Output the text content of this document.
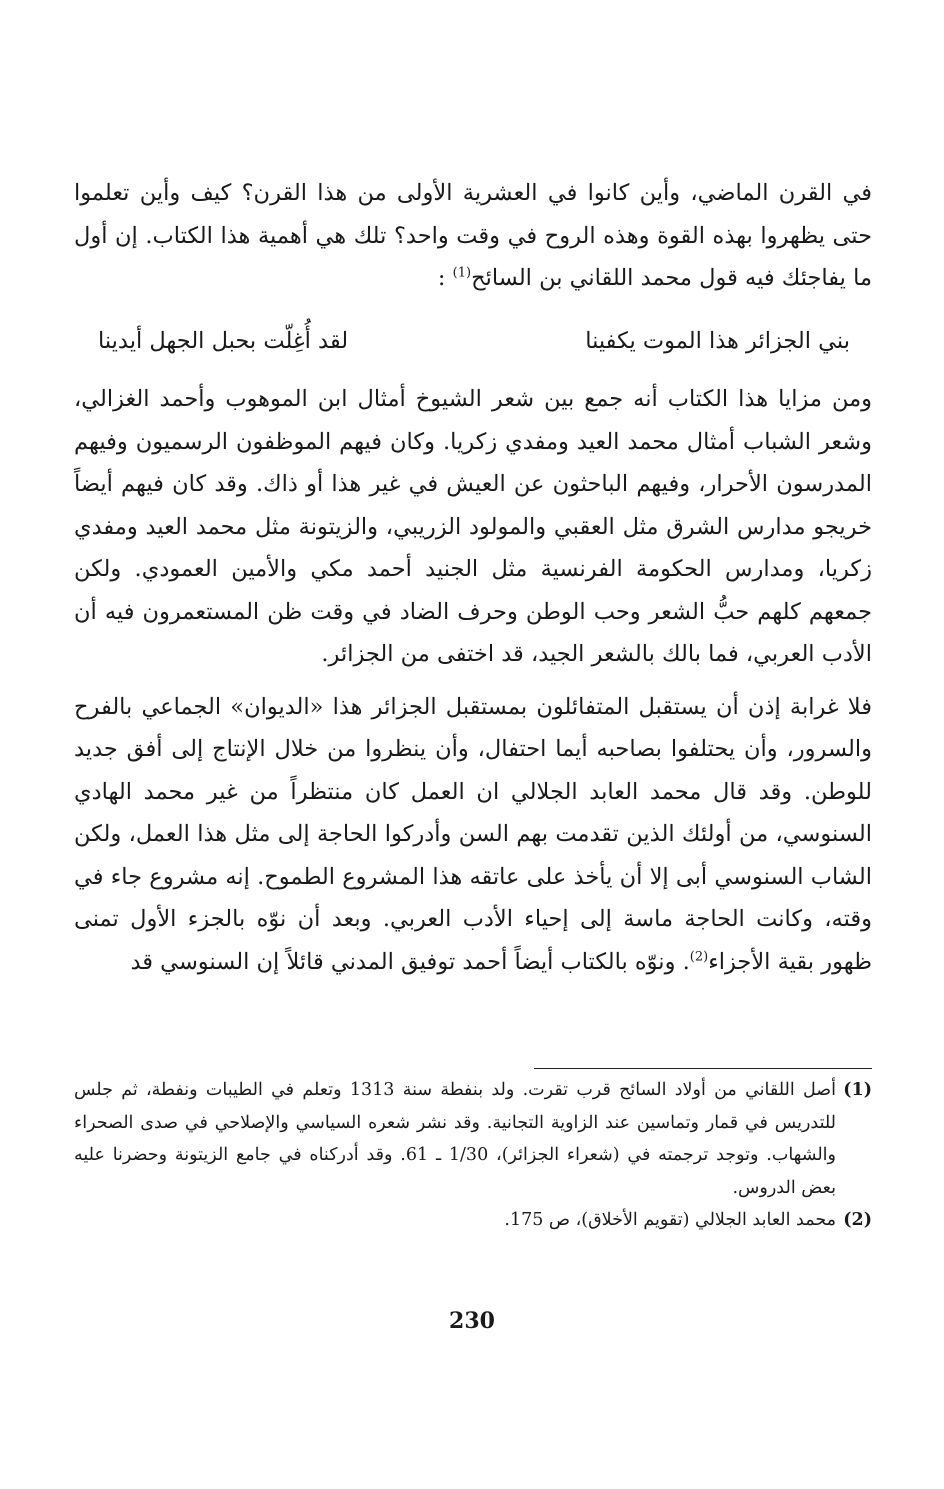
في القرن الماضي، وأين كانوا في العشرية الأولى من هذا القرن؟ كيف وأين تعلموا حتى يظهروا بهذه القوة وهذه الروح في وقت واحد؟ تلك هي أهمية هذا الكتاب. إن أول ما يفاجئك فيه قول محمد اللقاني بن السائح$^{(1)}$ :

بني الجزائر هذا الموت يكفينا
لقد أُغِلّت بحبل الجهل أيدينا

ومن مزايا هذا الكتاب أنه جمع بين شعر الشيوخ أمثال ابن الموهوب وأحمد الغزالي، وشعر الشباب أمثال محمد العيد ومفدي زكريا. وكان فيهم الموظفون الرسميون وفيهم المدرسون الأحرار، وفيهم الباحثون عن العيش في غير هذا أو ذاك. وقد كان فيهم أيضاً خريجو مدارس الشرق مثل العقبي والمولود الزريبي، والزيتونة مثل محمد العيد ومفدي زكريا، ومدارس الحكومة الفرنسية مثل الجنيد أحمد مكي والأمين العمودي. ولكن جمعهم كلهم حبُّ الشعر وحب الوطن وحرف الضاد في وقت ظن المستعمرون فيه أن الأدب العربي، فما بالك بالشعر الجيد، قد اختفى من الجزائر.

فلا غرابة إذن أن يستقبل المتفائلون بمستقبل الجزائر هذا «الديوان» الجماعي بالفرح والسرور، وأن يحتلفوا بصاحبه أيما احتفال، وأن ينظروا من خلال الإنتاج إلى أفق جديد للوطن. وقد قال محمد العابد الجلالي ان العمل كان منتظراً من غير محمد الهادي السنوسي، من أولئك الذين تقدمت بهم السن وأدركوا الحاجة إلى مثل هذا العمل، ولكن الشاب السنوسي أبى إلا أن يأخذ على عاتقه هذا المشروع الطموح. إنه مشروع جاء في وقته، وكانت الحاجة ماسة إلى إحياء الأدب العربي. وبعد أن نوّه بالجزء الأول تمنى ظهور بقية الأجزاء$^{(2)}$. ونوّه بالكتاب أيضاً أحمد توفيق المدني قائلاً إن السنوسي قد

(1)
أصل اللقاني من أولاد السائح قرب تقرت. ولد بنفطة سنة 1313 وتعلم في الطيبات ونفطة، ثم جلس للتدريس في قمار وتماسين عند الزاوية التجانية. وقد نشر شعره السياسي والإصلاحي في صدى الصحراء والشهاب. وتوجد ترجمته في (شعراء الجزائر)، 1/30 ـ 61. وقد أدركناه في جامع الزيتونة وحضرنا عليه بعض الدروس.
(2)
محمد العابد الجلالي (تقويم الأخلاق)، ص 175.
230
